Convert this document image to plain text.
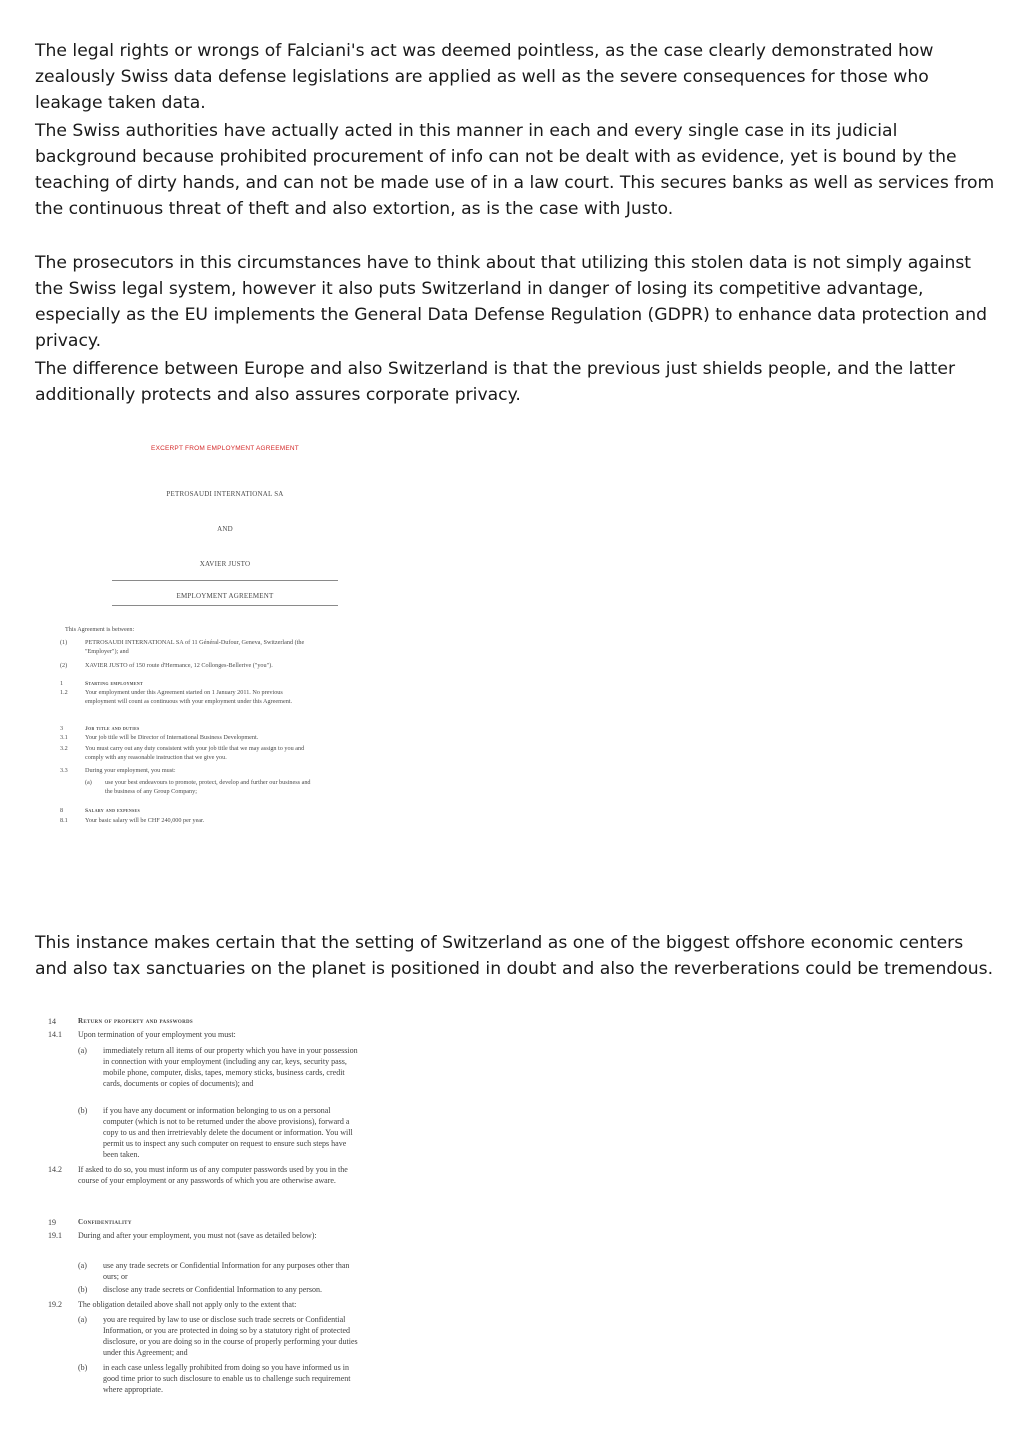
The legal rights or wrongs of Falciani's act was deemed pointless, as the case clearly demonstrated how zealously Swiss data defense legislations are applied as well as the severe consequences for those who leakage taken data.

The Swiss authorities have actually acted in this manner in each and every single case in its judicial background because prohibited procurement of info can not be dealt with as evidence, yet is bound by the teaching of dirty hands, and can not be made use of in a law court. This secures banks as well as services from the continuous threat of theft and also extortion, as is the case with Justo.

The prosecutors in this circumstances have to think about that utilizing this stolen data is not simply against the Swiss legal system, however it also puts Switzerland in danger of losing its competitive advantage, especially as the EU implements the General Data Defense Regulation (GDPR) to enhance data protection and privacy.

The difference between Europe and also Switzerland is that the previous just shields people, and the latter additionally protects and also assures corporate privacy.

EXCERPT FROM EMPLOYMENT AGREEMENT
PETROSAUDI INTERNATIONAL SA
AND
XAVIER JUSTO
EMPLOYMENT AGREEMENT
This Agreement is between:
(1)	PETROSAUDI INTERNATIONAL SA of 11 Général-Dufour, Geneva, Switzerland (the "Employer"); and
(2)	XAVIER JUSTO of 150 route d'Hermance, 12 Collonges-Bellerive ("you").
1	Starting employment
1.2	Your employment under this Agreement started on 1 January 2011. No previous employment will count as continuous with your employment under this Agreement.
3	Job title and duties
3.1	Your job title will be Director of International Business Development.
3.2	You must carry out any duty consistent with your job title that we may assign to you and comply with any reasonable instruction that we give you.
3.3	During your employment, you must:
(a)	use your best endeavours to promote, protect, develop and further our business and the business of any Group Company;
8	Salary and expenses
8.1	Your basic salary will be CHF 240,000 per year.

This instance makes certain that the setting of Switzerland as one of the biggest offshore economic centers and also tax sanctuaries on the planet is positioned in doubt and also the reverberations could be tremendous.

14	Return of property and passwords
14.1	Upon termination of your employment you must:
(a)	immediately return all items of our property which you have in your possession in connection with your employment (including any car, keys, security pass, mobile phone, computer, disks, tapes, memory sticks, business cards, credit cards, documents or copies of documents); and
(b)	if you have any document or information belonging to us on a personal computer (which is not to be returned under the above provisions), forward a copy to us and then irretrievably delete the document or information. You will permit us to inspect any such computer on request to ensure such steps have been taken.
14.2	If asked to do so, you must inform us of any computer passwords used by you in the course of your employment or any passwords of which you are otherwise aware.
19	Confidentiality
19.1	During and after your employment, you must not (save as detailed below):
(a)	use any trade secrets or Confidential Information for any purposes other than ours; or
(b)	disclose any trade secrets or Confidential Information to any person.
19.2	The obligation detailed above shall not apply only to the extent that:
(a)	you are required by law to use or disclose such trade secrets or Confidential Information, or you are protected in doing so by a statutory right of protected disclosure, or you are doing so in the course of properly performing your duties under this Agreement; and
(b)	in each case unless legally prohibited from doing so you have informed us in good time prior to such disclosure to enable us to challenge such requirement where appropriate.
